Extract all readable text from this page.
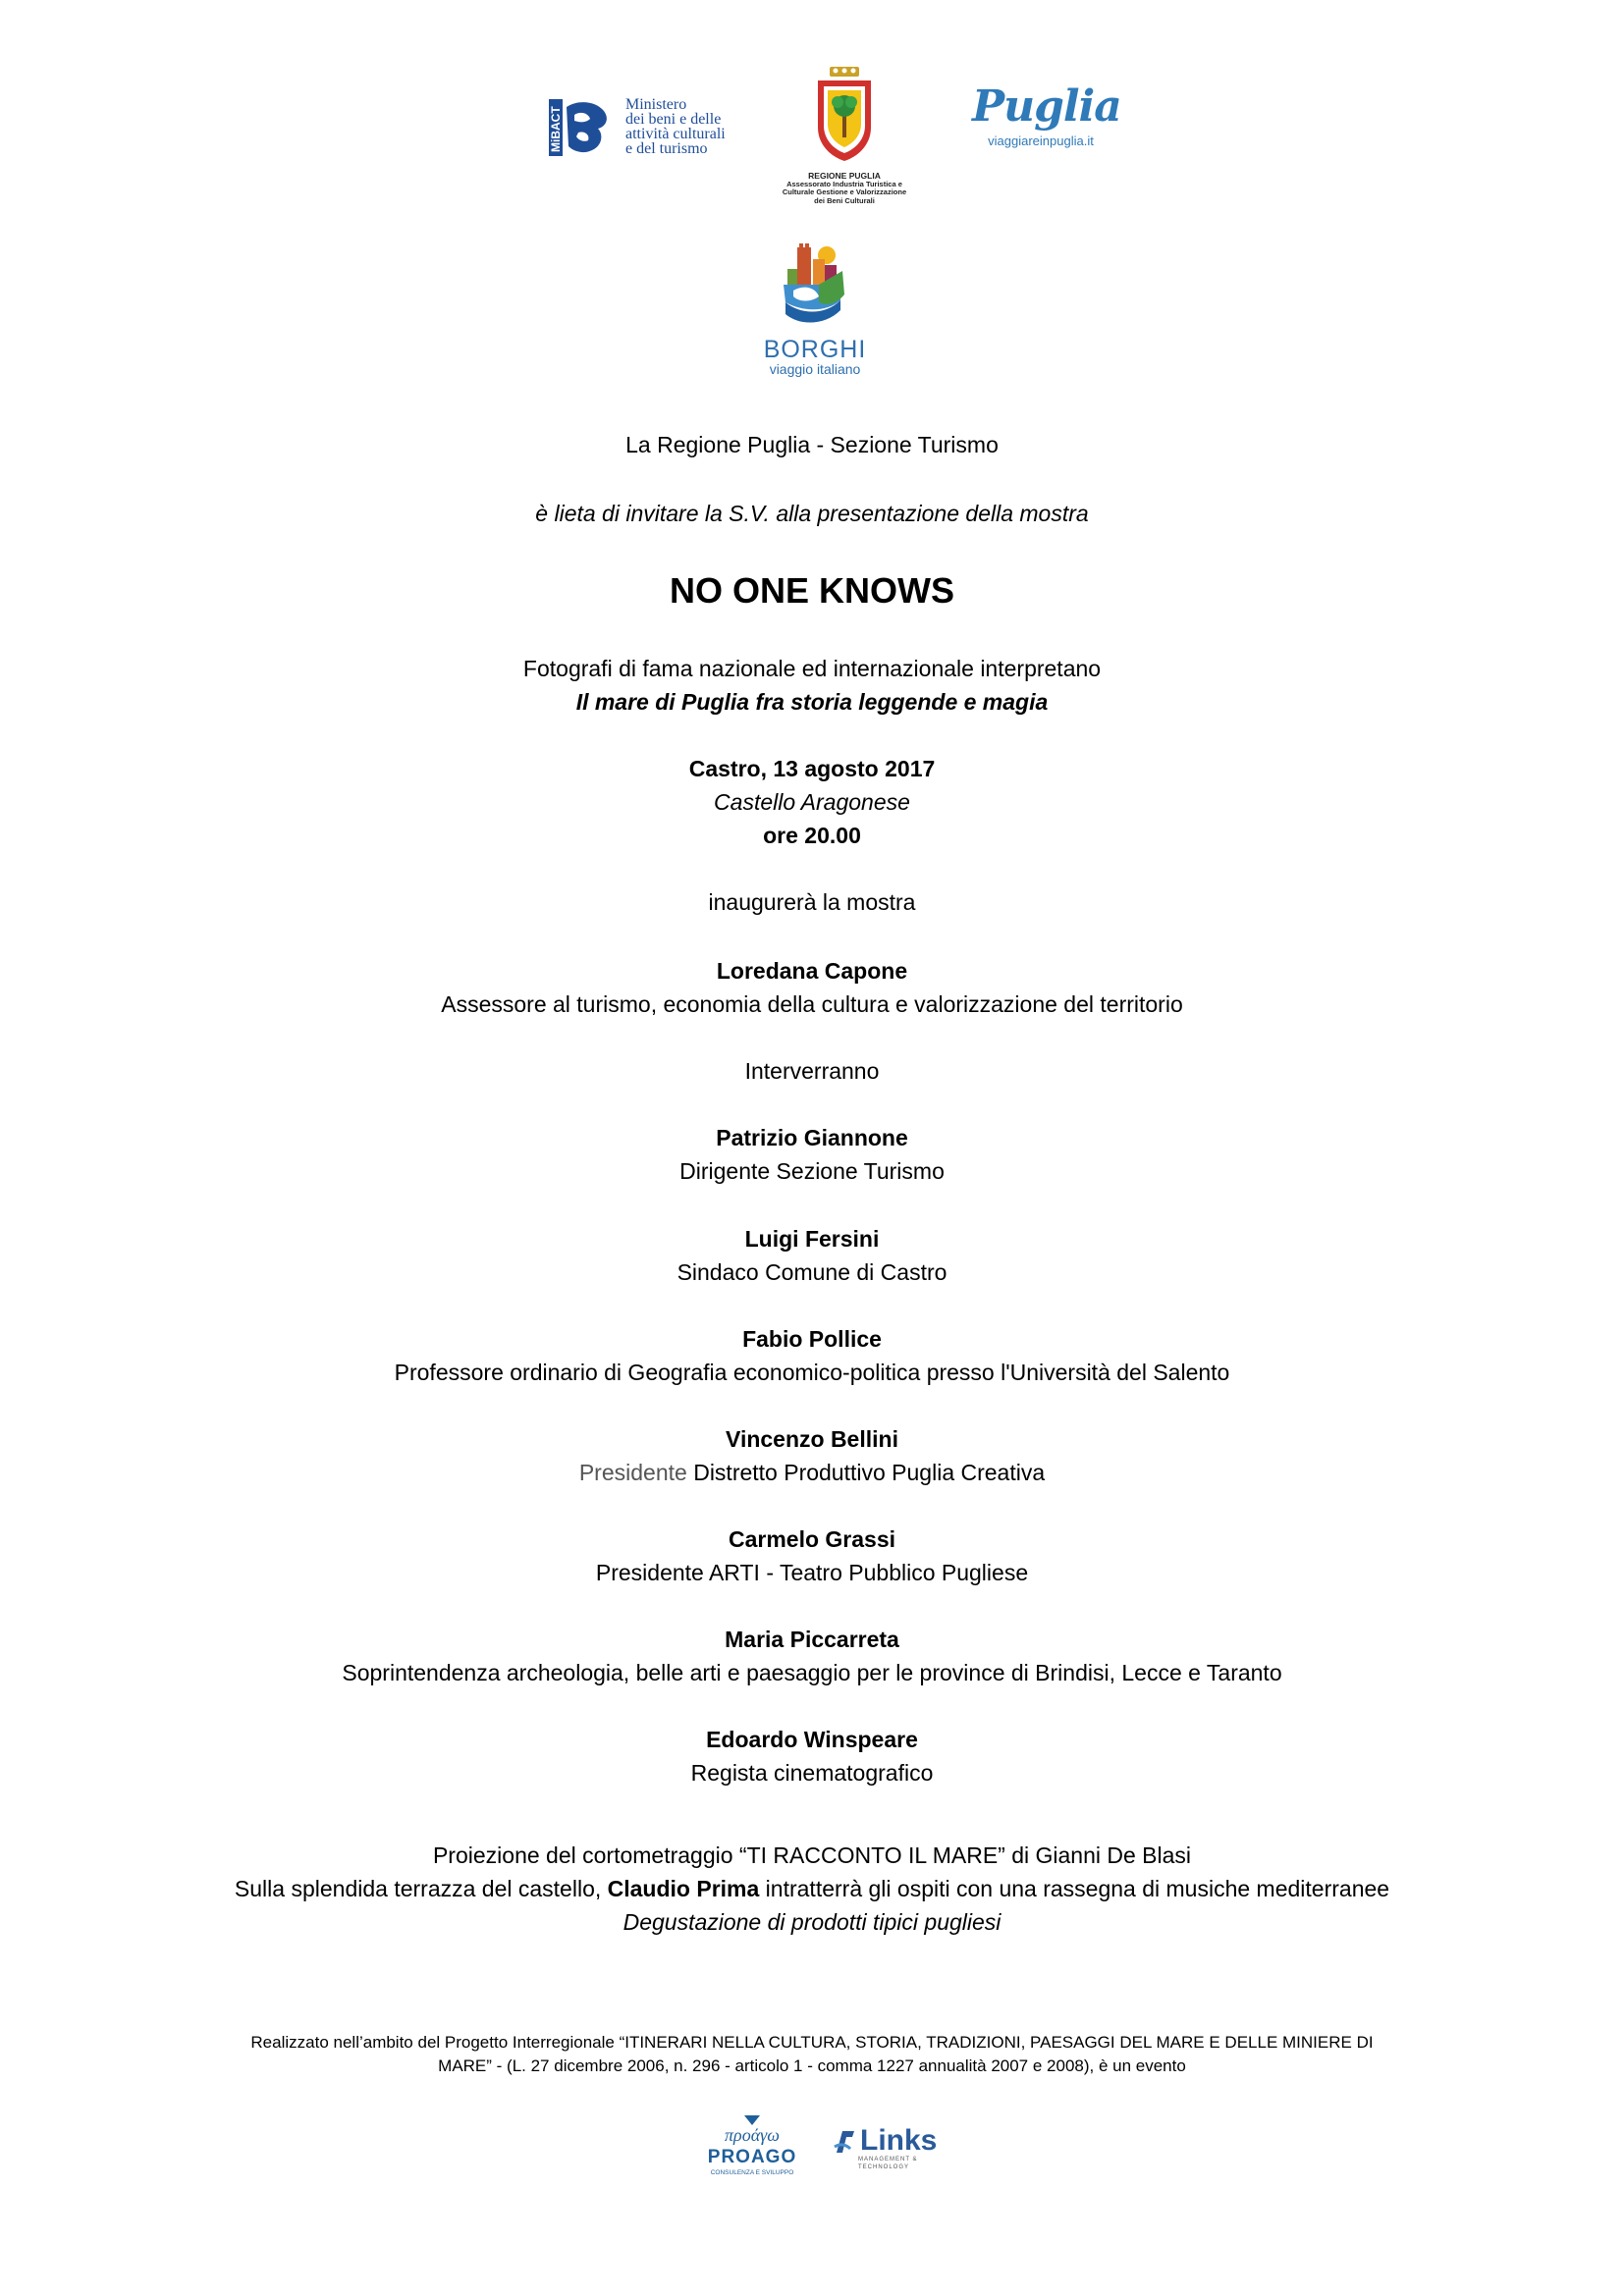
MiBACT
Ministero
dei beni e delle
attività culturali
e del turismo
REGIONE PUGLIA
Assessorato Industria Turistica e
Culturale Gestione e Valorizzazione
dei Beni Culturali
Puglia
viaggiareinpuglia.it
BORGHI
viaggio italiano
La Regione Puglia - Sezione Turismo
è lieta di invitare la S.V. alla presentazione della mostra
NO ONE KNOWS
Fotografi di fama nazionale ed internazionale interpretano
Il mare di Puglia fra storia leggende e magia
Castro, 13 agosto 2017
Castello Aragonese
ore 20.00
inaugurerà la mostra
Loredana Capone
Assessore al turismo, economia della cultura e valorizzazione del territorio
Interverranno
Patrizio Giannone
Dirigente Sezione Turismo
Luigi Fersini
Sindaco Comune di Castro
Fabio Pollice
Professore ordinario di Geografia economico-politica presso l'Università del Salento
Vincenzo Bellini
Presidente Distretto Produttivo Puglia Creativa
Carmelo Grassi
Presidente ARTI - Teatro Pubblico Pugliese
Maria Piccarreta
Soprintendenza archeologia, belle arti e paesaggio per le province di Brindisi, Lecce e Taranto
Edoardo Winspeare
Regista cinematografico
Proiezione del cortometraggio “TI RACCONTO IL MARE” di Gianni De Blasi
Sulla splendida terrazza del castello, Claudio Prima intratterrà gli ospiti con una rassegna di musiche mediterranee
Degustazione di prodotti tipici pugliesi
Realizzato nell’ambito del Progetto Interregionale “ITINERARI NELLA CULTURA, STORIA, TRADIZIONI, PAESAGGI DEL MARE E DELLE MINIERE DI
MARE” - (L. 27 dicembre 2006, n. 296 - articolo 1 - comma 1227 annualità 2007 e 2008), è un evento
προάγω
PROAGO
CONSULENZA E SVILUPPO
Links
MANAGEMENT & TECHNOLOGY
